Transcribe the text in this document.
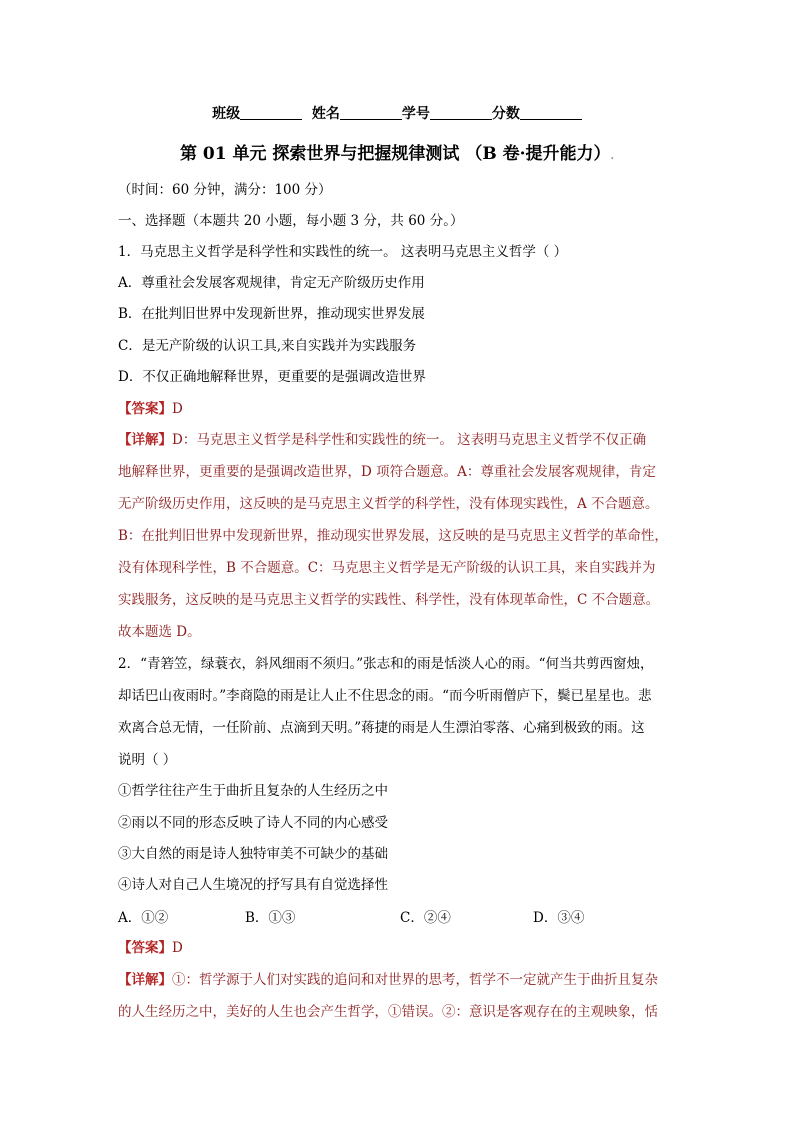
班级	姓名	学号	分数
第 01 单元 探索世界与把握规律测试 （B 卷·提升能力）.
（时间：60 分钟，满分：100 分）
一、选择题（本题共 20 小题，每小题 3 分，共 60 分。）
1．马克思主义哲学是科学性和实践性的统一。 这表明马克思主义哲学（ ）
A．尊重社会发展客观规律，肯定无产阶级历史作用
B．在批判旧世界中发现新世界，推动现实世界发展
C．是无产阶级的认识工具,来自实践并为实践服务
D．不仅正确地解释世界，更重要的是强调改造世界
【答案】D
【详解】D：马克思主义哲学是科学性和实践性的统一。 这表明马克思主义哲学不仅正确
地解释世界，更重要的是强调改造世界，D 项符合题意。A：尊重社会发展客观规律，肯定
无产阶级历史作用，这反映的是马克思主义哲学的科学性，没有体现实践性，A 不合题意。
B：在批判旧世界中发现新世界，推动现实世界发展，这反映的是马克思主义哲学的革命性，
没有体现科学性，B 不合题意。C：马克思主义哲学是无产阶级的认识工具，来自实践并为
实践服务，这反映的是马克思主义哲学的实践性、科学性，没有体现革命性，C 不合题意。
故本题选 D。
2．“青箬笠，绿蓑衣，斜风细雨不须归。”张志和的雨是恬淡人心的雨。“何当共剪西窗烛，
却话巴山夜雨时。”李商隐的雨是让人止不住思念的雨。“而今听雨僧庐下，鬓已星星也。悲
欢离合总无情，一任阶前、点滴到天明。”蒋捷的雨是人生漂泊零落、心痛到极致的雨。这
说明（ ）
①哲学往往产生于曲折且复杂的人生经历之中
②雨以不同的形态反映了诗人不同的内心感受
③大自然的雨是诗人独特审美不可缺少的基础
④诗人对自己人生境况的抒写具有自觉选择性
A．①②	B．①③	C．②④	D．③④
【答案】D
【详解】①：哲学源于人们对实践的追问和对世界的思考，哲学不一定就产生于曲折且复杂
的人生经历之中，美好的人生也会产生哲学，①错误。②：意识是客观存在的主观映象，恬
